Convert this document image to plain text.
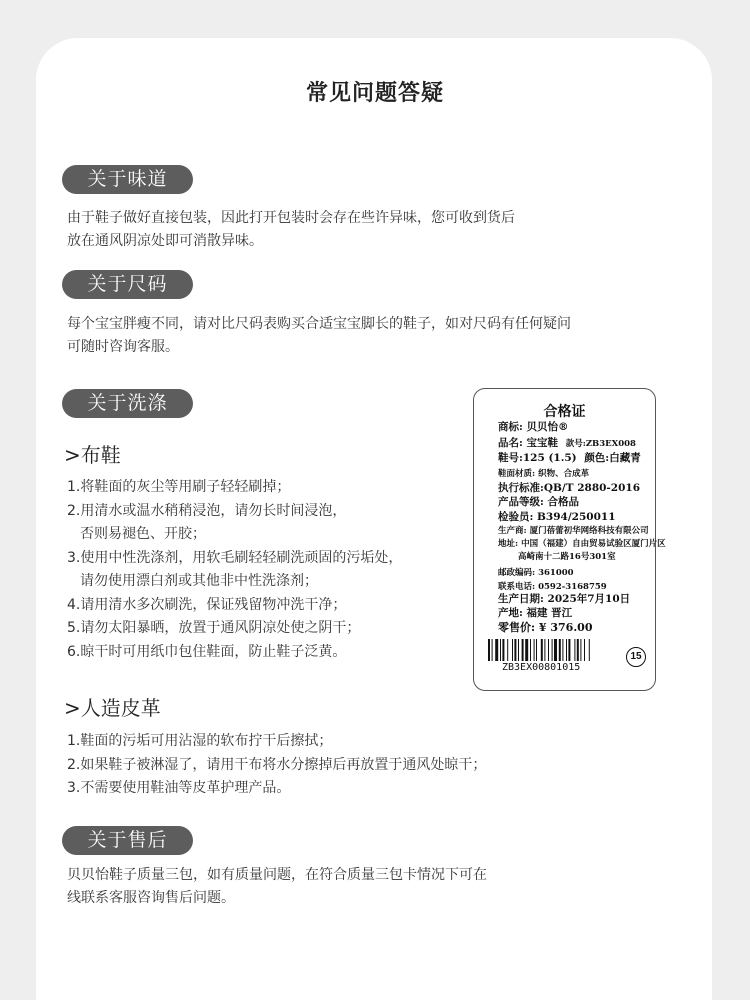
常见问题答疑
关于味道
由于鞋子做好直接包装，因此打开包装时会存在些许异味，您可收到货后
放在通风阴凉处即可消散异味。
关于尺码
每个宝宝胖瘦不同，请对比尺码表购买合适宝宝脚长的鞋子，如对尺码有任何疑问
可随时咨询客服。
关于洗涤
>布鞋
1.将鞋面的灰尘等用刷子轻轻刷掉；
2.用清水或温水稍稍浸泡，请勿长时间浸泡，
否则易褪色、开胶；
3.使用中性洗涤剂，用软毛刷轻轻刷洗顽固的污垢处，
请勿使用漂白剂或其他非中性洗涤剂；
4.请用清水多次刷洗，保证残留物冲洗干净；
5.请勿太阳暴晒，放置于通风阴凉处使之阴干；
6.晾干时可用纸巾包住鞋面，防止鞋子泛黄。
>人造皮革
1.鞋面的污垢可用沾湿的软布拧干后擦拭；
2.如果鞋子被淋湿了，请用干布将水分擦掉后再放置于通风处晾干；
3.不需要使用鞋油等皮革护理产品。
关于售后
贝贝怡鞋子质量三包，如有质量问题，在符合质量三包卡情况下可在
线联系客服咨询售后问题。
合格证
商标: 贝贝怡®
品名: 宝宝鞋 款号:ZB3EX008
鞋号:125 (1.5) 颜色:白藏青
鞋面材质: 织物、合成革
执行标准:QB/T 2880-2016
产品等级: 合格品
检验员: B394/250011
生产商: 厦门蓓蕾初华网络科技有限公司
地址: 中国（福建）自由贸易试验区厦门片区
高崎南十二路16号301室
邮政编码: 361000
联系电话: 0592-3168759
生产日期: 2025年7月10日
产地: 福建 晋江
零售价: ¥ 376.00
ZB3EX00801015
15
